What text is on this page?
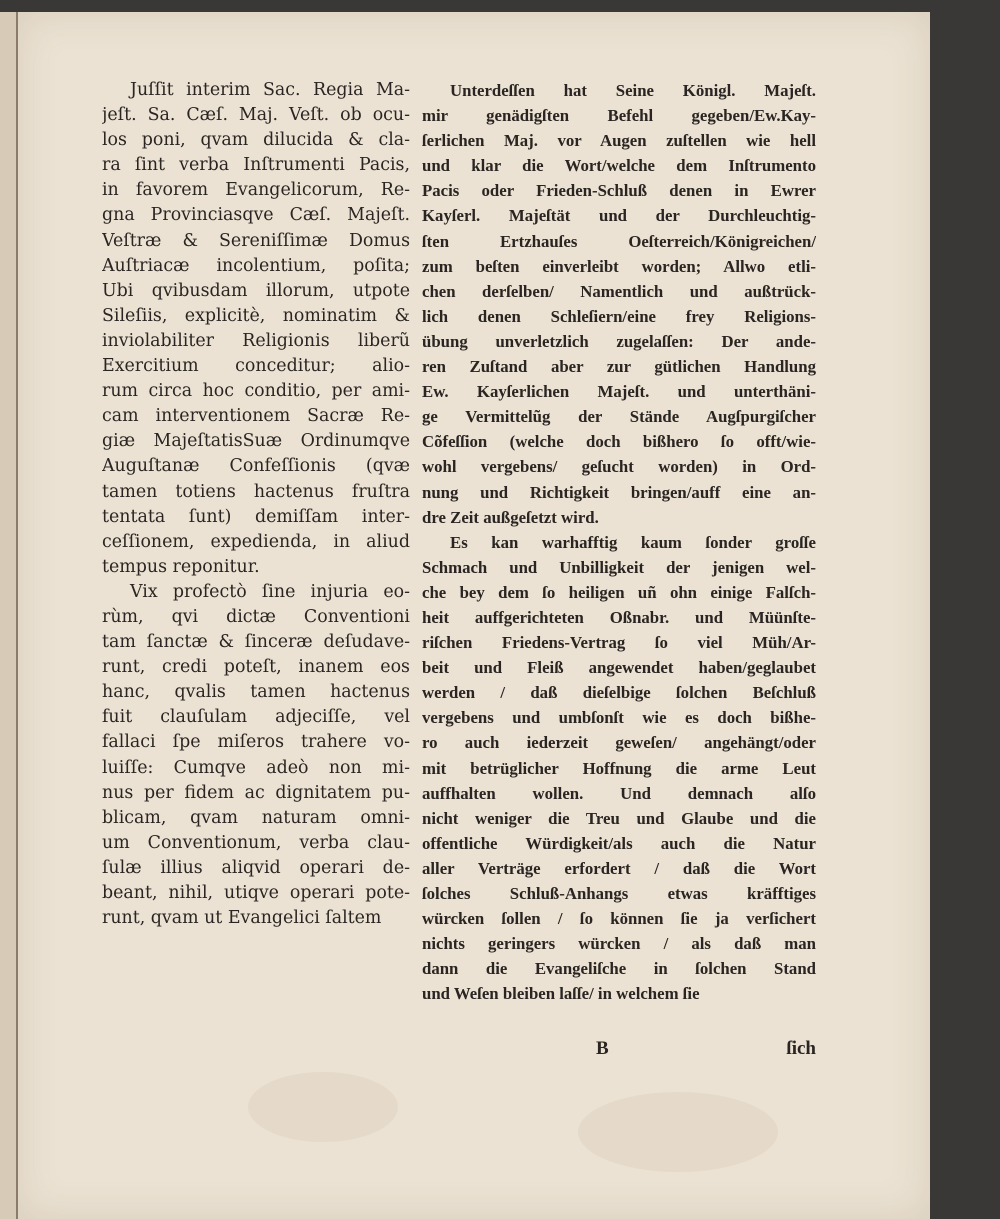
Juſſit interim Sac. Regia Ma-
jeſt. Sa. Cæſ. Maj. Veſt. ob ocu-
los poni, qvam dilucida & cla-
ra ſint verba Inſtrumenti Pacis,
in favorem Evangelicorum, Re-
gna Provinciasqve Cæſ. Majeſt.
Veſtræ & Sereniſſimæ Domus
Auſtriacæ incolentium, poſita;
Ubi qvibusdam illorum, utpote
Sileſiis, explicitè, nominatim &
inviolabiliter Religionis liberũ
Exercitium conceditur; alio-
rum circa hoc conditio, per ami-
cam interventionem Sacræ Re-
giæ MajeſtatisSuæ Ordinumqve
Auguſtanæ Confeſſionis (qvæ
tamen totiens hactenus fruſtra
tentata ſunt) demiſſam inter-
ceſſionem, expedienda, in aliud
tempus reponitur.
Vix profectò ſine injuria eo-
rùm, qvi dictæ Conventioni
tam ſanctæ & ſinceræ deſudave-
runt, credi poteſt, inanem eos
hanc, qvalis tamen hactenus
fuit clauſulam adjeciſſe, vel
fallaci ſpe miſeros trahere vo-
luiſſe: Cumqve adeò non mi-
nus per fidem ac dignitatem pu-
blicam, qvam naturam omni-
um Conventionum, verba clau-
ſulæ illius aliqvid operari de-
beant, nihil, utiqve operari pote-
runt, qvam ut Evangelici ſaltem
Unterdeſſen hat Seine Königl. Majeſt.
mir genädigſten Befehl gegeben/Ew.Kay-
ſerlichen Maj. vor Augen zuſtellen wie hell
und klar die Wort/welche dem Inſtrumento
Pacis oder Frieden-Schluß denen in Ewrer
Kayſerl. Majeſtät und der Durchleuchtig-
ſten Ertzhauſes Oeſterreich/Königreichen/
zum beſten einverleibt worden; Allwo etli-
chen derſelben/ Namentlich und außtrück-
lich denen Schleſiern/eine frey Religions-
übung unverletzlich zugelaſſen: Der ande-
ren Zuſtand aber zur gütlichen Handlung
Ew. Kayſerlichen Majeſt. und unterthäni-
ge Vermittelũg der Stände Augſpurgiſcher
Cõfeſſion (welche doch bißhero ſo offt/wie-
wohl vergebens/ geſucht worden) in Ord-
nung und Richtigkeit bringen/auff eine an-
dre Zeit außgeſetzt wird.
Es kan warhafftig kaum ſonder groſſe
Schmach und Unbilligkeit der jenigen wel-
che bey dem ſo heiligen uñ ohn einige Falſch-
heit auffgerichteten Oßnabr. und Müünſte-
riſchen Friedens-Vertrag ſo viel Müh/Ar-
beit und Fleiß angewendet haben/geglaubet
werden / daß dieſelbige ſolchen Beſchluß
vergebens und umbſonſt wie es doch bißhe-
ro auch iederzeit geweſen/ angehängt/oder
mit betrüglicher Hoffnung die arme Leut
auffhalten wollen. Und demnach alſo
nicht weniger die Treu und Glaube und die
offentliche Würdigkeit/als auch die Natur
aller Verträge erfordert / daß die Wort
ſolches Schluß-Anhangs etwas kräfftiges
würcken ſollen / ſo können ſie ja verſichert
nichts geringers würcken / als daß man
dann die Evangeliſche in ſolchen Stand
und Weſen bleiben laſſe/ in welchem ſie
B	ſich
